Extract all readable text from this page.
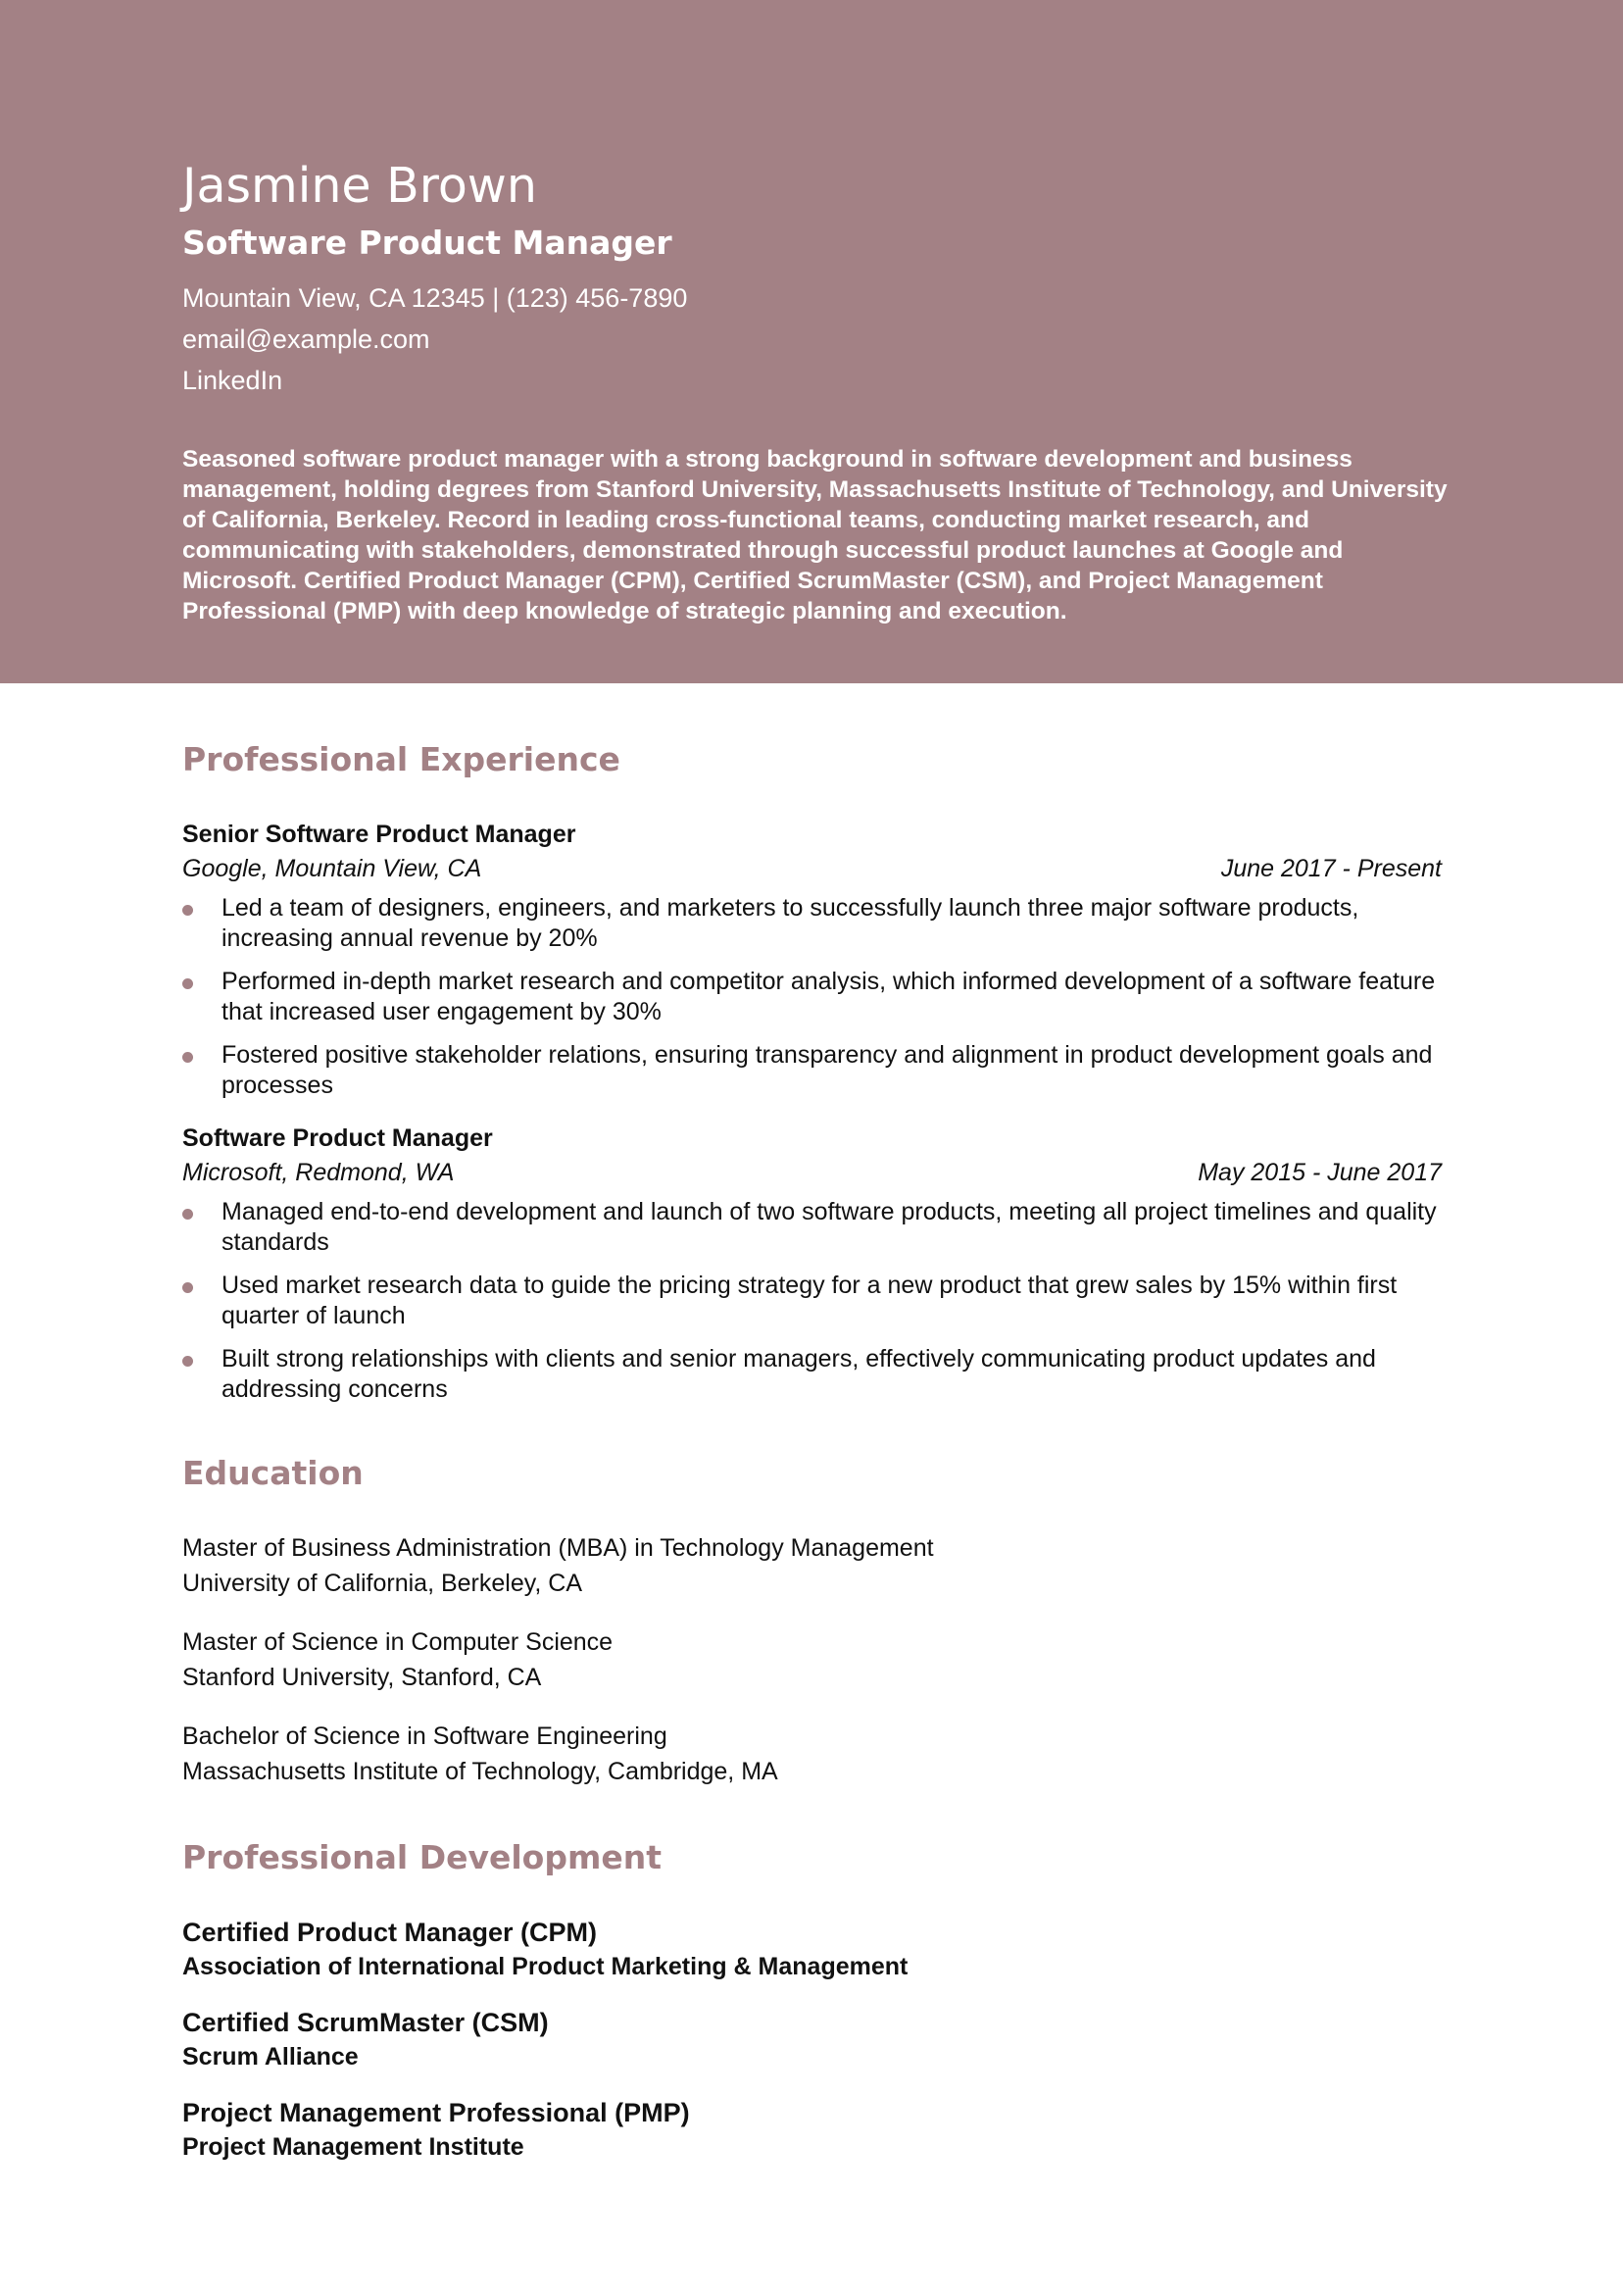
Jasmine Brown
Software Product Manager
Mountain View, CA 12345 | (123) 456-7890
email@example.com
LinkedIn
Seasoned software product manager with a strong background in software development and business management, holding degrees from Stanford University, Massachusetts Institute of Technology, and University of California, Berkeley. Record in leading cross-functional teams, conducting market research, and communicating with stakeholders, demonstrated through successful product launches at Google and Microsoft. Certified Product Manager (CPM), Certified ScrumMaster (CSM), and Project Management Professional (PMP) with deep knowledge of strategic planning and execution.
Professional Experience
Senior Software Product Manager
Google, Mountain View, CA	June 2017 - Present
Led a team of designers, engineers, and marketers to successfully launch three major software products, increasing annual revenue by 20%
Performed in-depth market research and competitor analysis, which informed development of a software feature that increased user engagement by 30%
Fostered positive stakeholder relations, ensuring transparency and alignment in product development goals and processes
Software Product Manager
Microsoft, Redmond, WA	May 2015 - June 2017
Managed end-to-end development and launch of two software products, meeting all project timelines and quality standards
Used market research data to guide the pricing strategy for a new product that grew sales by 15% within first quarter of launch
Built strong relationships with clients and senior managers, effectively communicating product updates and addressing concerns
Education
Master of Business Administration (MBA) in Technology Management
University of California, Berkeley, CA
Master of Science in Computer Science
Stanford University, Stanford, CA
Bachelor of Science in Software Engineering
Massachusetts Institute of Technology, Cambridge, MA
Professional Development
Certified Product Manager (CPM)
Association of International Product Marketing & Management
Certified ScrumMaster (CSM)
Scrum Alliance
Project Management Professional (PMP)
Project Management Institute
